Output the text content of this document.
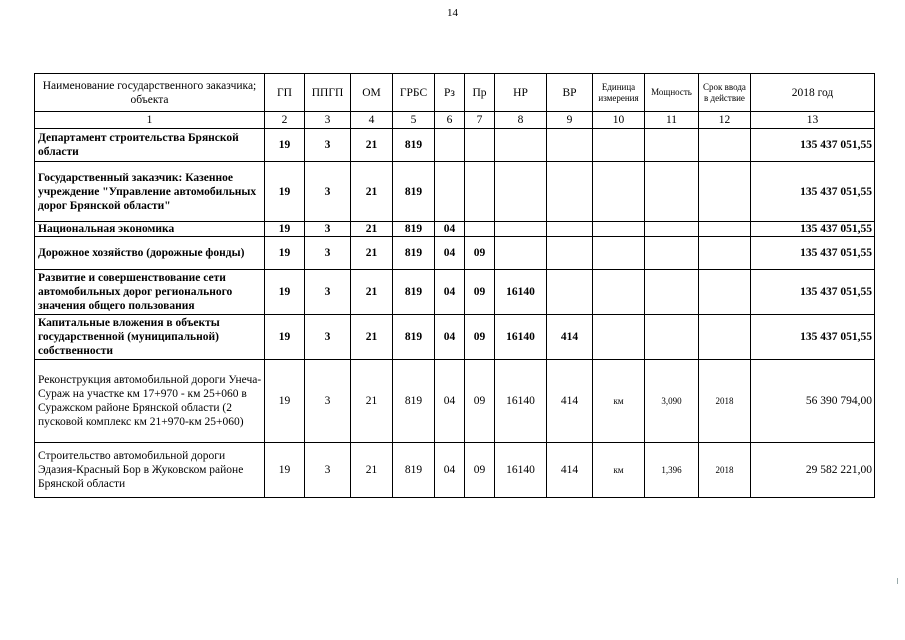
14
Наименование государственного заказчика; объекта	ГП	ППГП	ОМ	ГРБС	Рз	Пр	НР	ВР	Единица измерения	Мощность	Срок ввода в действие	2018 год
1	2	3	4	5	6	7	8	9	10	11	12	13
Департамент строительства Брянской области	19	3	21	819								135 437 051,55
Государственный заказчик: Казенное учреждение "Управление автомобильных дорог Брянской области"	19	3	21	819								135 437 051,55
Национальная экономика	19	3	21	819	04							135 437 051,55
Дорожное хозяйство (дорожные фонды)	19	3	21	819	04	09						135 437 051,55
Развитие и совершенствование сети автомобильных дорог регионального значения общего пользования	19	3	21	819	04	09	16140					135 437 051,55
Капитальные вложения в объекты государственной (муниципальной) собственности	19	3	21	819	04	09	16140	414				135 437 051,55
Реконструкция автомобильной дороги Унеча-Сураж на участке км 17+970 - км 25+060 в Суражском районе Брянской области (2 пусковой комплекс км 21+970-км 25+060)	19	3	21	819	04	09	16140	414	км	3,090	2018	56 390 794,00
Строительство автомобильной дороги Эдазия-Красный Бор в Жуковском районе Брянской области	19	3	21	819	04	09	16140	414	км	1,396	2018	29 582 221,00
